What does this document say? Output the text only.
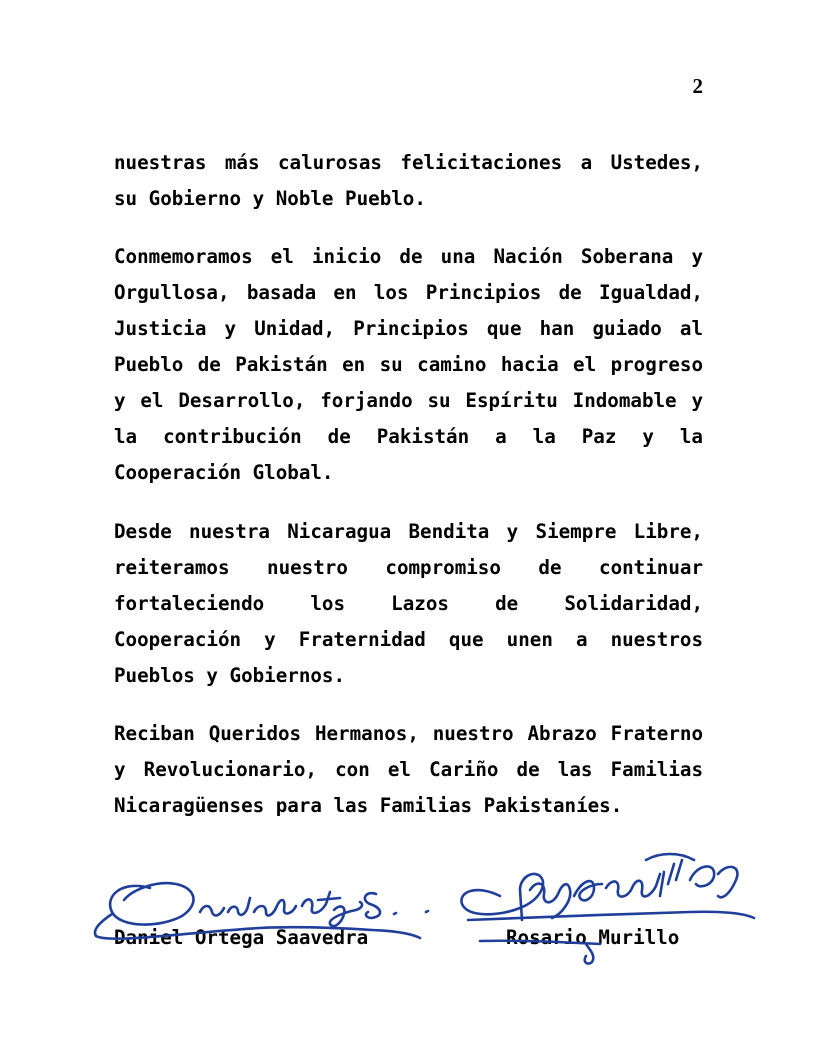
2

nuestras más calurosas felicitaciones a Ustedes, su Gobierno y Noble Pueblo.

Conmemoramos el inicio de una Nación Soberana y Orgullosa, basada en los Principios de Igualdad, Justicia y Unidad, Principios que han guiado al Pueblo de Pakistán en su camino hacia el progreso y el Desarrollo, forjando su Espíritu Indomable y la contribución de Pakistán a la Paz y la Cooperación Global.

Desde nuestra Nicaragua Bendita y Siempre Libre, reiteramos nuestro compromiso de continuar fortaleciendo los Lazos de Solidaridad, Cooperación y Fraternidad que unen a nuestros Pueblos y Gobiernos.

Reciban Queridos Hermanos, nuestro Abrazo Fraterno y Revolucionario, con el Cariño de las Familias Nicaragüenses para las Familias Pakistaníes.

Daniel Ortega Saavedra	Rosario Murillo
